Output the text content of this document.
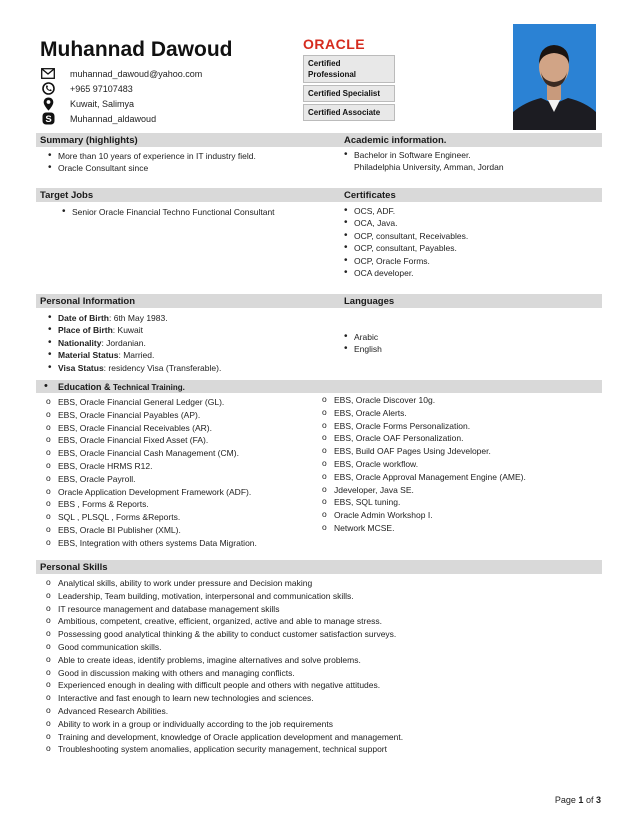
Muhannad Dawoud
muhannad_dawoud@yahoo.com
+965 97107483
Kuwait, Salimya
S Muhannad_aldawoud
ORACLE
Certified Professional
Certified Specialist
Certified Associate
Summary (highlights)	Academic information.
• More than 10 years of experience in IT industry field.
• Oracle Consultant since
• Bachelor in Software Engineer.
Philadelphia University, Amman, Jordan
Target Jobs	Certificates
• Senior Oracle Financial Techno Functional Consultant
•	OCS, ADF.
• OCA, Java.
• OCP, consultant, Receivables.
• OCP, consultant, Payables.
• OCP, Oracle Forms.
• OCA developer.
Personal Information	Languages
• Date of Birth: 6th May 1983.
• Place of Birth: Kuwait
• Nationality: Jordanian.
• Material Status: Married.
• Visa Status: residency Visa (Transferable).
• Arabic
• English
• Education & Technical Training.
o EBS, Oracle Financial General Ledger (GL).
o EBS, Oracle Financial Payables (AP).
o EBS, Oracle Financial Receivables (AR).
o EBS, Oracle Financial Fixed Asset (FA).
o EBS, Oracle Financial Cash Management (CM).
o EBS, Oracle HRMS R12.
o EBS, Oracle Payroll.
o Oracle Application Development Framework (ADF).
o EBS , Forms & Reports.
o SQL , PLSQL , Forms &Reports.
o EBS, Oracle BI Publisher (XML).
o EBS, Integration with others systems Data Migration.
o EBS, Oracle Discover 10g.
o EBS, Oracle Alerts.
o EBS, Oracle Forms Personalization.
o EBS, Oracle OAF Personalization.
o EBS, Build OAF Pages Using Jdeveloper.
o EBS, Oracle workflow.
o EBS, Oracle Approval Management Engine (AME).
o Jdeveloper, Java SE.
o EBS, SQL tuning.
o Oracle Admin Workshop I.
o Network MCSE.
Personal Skills
o Analytical skills, ability to work under pressure and Decision making
o Leadership, Team building, motivation, interpersonal and communication skills.
o IT resource management and database management skills
o Ambitious, competent, creative, efficient, organized, active and able to manage stress.
o Possessing good analytical thinking & the ability to conduct customer satisfaction surveys.
o Good communication skills.
o Able to create ideas, identify problems, imagine alternatives and solve problems.
o Good in discussion making with others and managing conflicts.
o Experienced enough in dealing with difficult people and others with negative attitudes.
o Interactive and fast enough to learn new technologies and sciences.
o Advanced Research Abilities.
o Ability to work in a group or individually according to the job requirements
o Training and development, knowledge of Oracle application development and management.
o Troubleshooting system anomalies, application security management, technical support
Page 1 of 3
